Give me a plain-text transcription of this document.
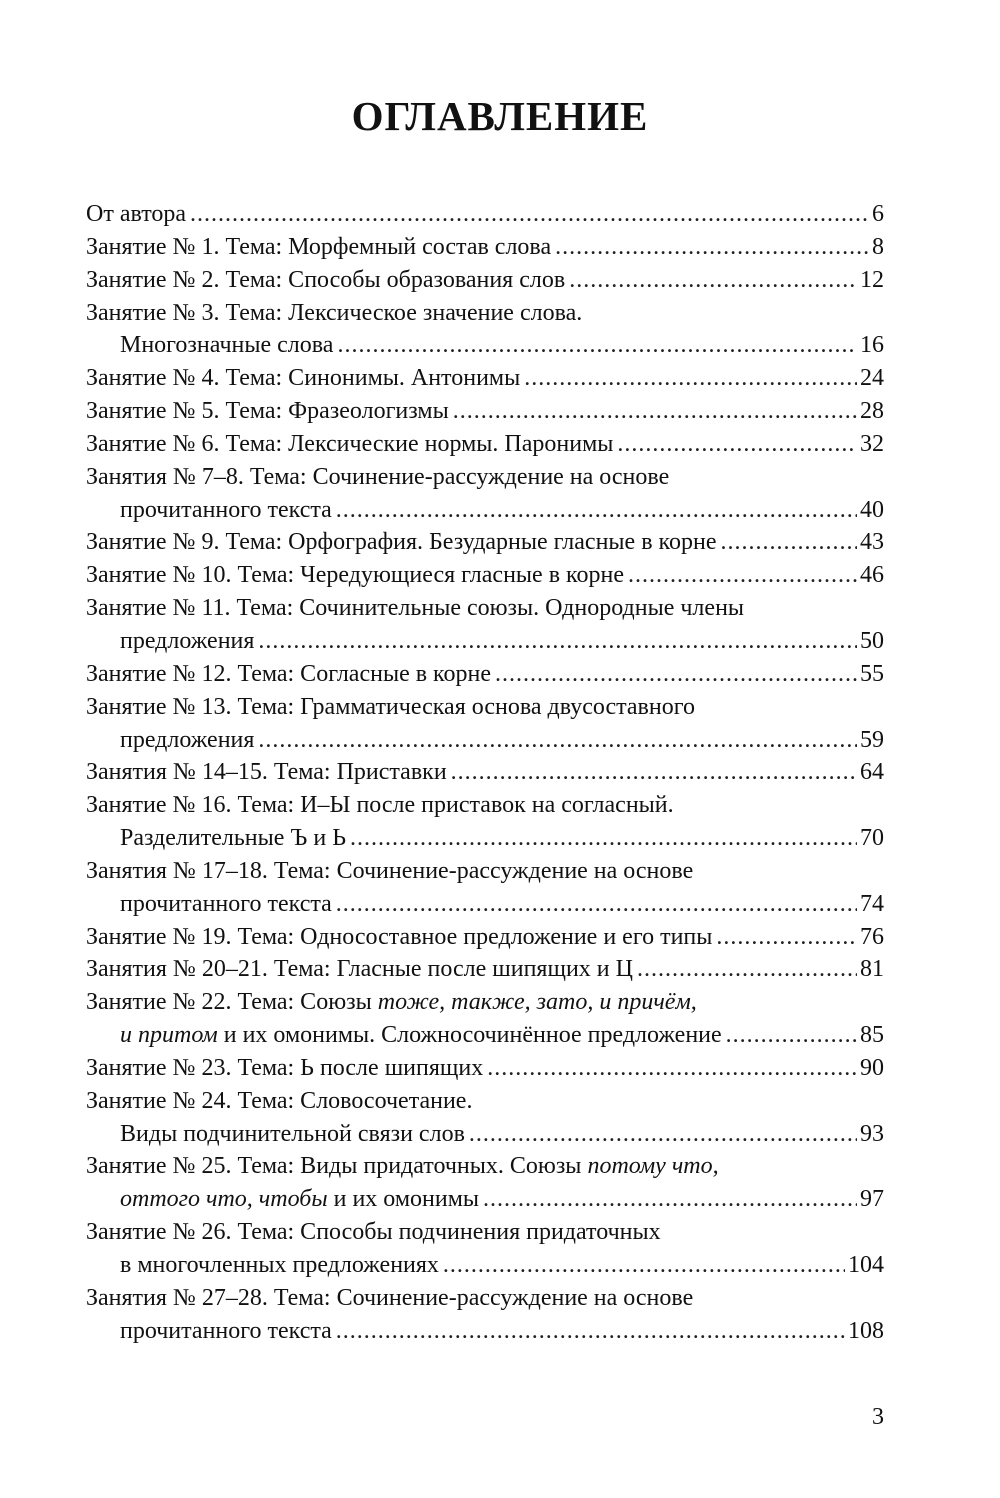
ОГЛАВЛЕНИЕ
От автора .....	6
Занятие № 1. Тема: Морфемный состав слова .....	8
Занятие № 2. Тема: Способы образования слов .....	12
Занятие № 3. Тема: Лексическое значение слова.
Многозначные слова .....	16
Занятие № 4. Тема: Синонимы. Антонимы .....	24
Занятие № 5. Тема: Фразеологизмы .....	28
Занятие № 6. Тема: Лексические нормы. Паронимы .....	32
Занятия № 7–8. Тема: Сочинение-рассуждение на основе
прочитанного текста .....	40
Занятие № 9. Тема: Орфография. Безударные гласные в корне .....	43
Занятие № 10. Тема: Чередующиеся гласные в корне .....	46
Занятие № 11. Тема: Сочинительные союзы. Однородные члены
предложения .....	50
Занятие № 12. Тема: Согласные в корне .....	55
Занятие № 13. Тема: Грамматическая основа двусоставного
предложения .....	59
Занятия № 14–15. Тема: Приставки .....	64
Занятие № 16. Тема: И–Ы после приставок на согласный.
Разделительные Ъ и Ь .....	70
Занятия № 17–18. Тема: Сочинение-рассуждение на основе
прочитанного текста .....	74
Занятие № 19. Тема: Односоставное предложение и его типы .....	76
Занятия № 20–21. Тема: Гласные после шипящих и Ц .....	81
Занятие № 22. Тема: Союзы тоже, также, зато, и причём,
и притом и их омонимы. Сложносочинённое предложение .....	85
Занятие № 23. Тема: Ь после шипящих .....	90
Занятие № 24. Тема: Словосочетание.
Виды подчинительной связи слов .....	93
Занятие № 25. Тема: Виды придаточных. Союзы потому что,
оттого что, чтобы и их омонимы .....	97
Занятие № 26. Тема: Способы подчинения придаточных
в многочленных предложениях .....	104
Занятия № 27–28. Тема: Сочинение-рассуждение на основе
прочитанного текста .....	108
3
